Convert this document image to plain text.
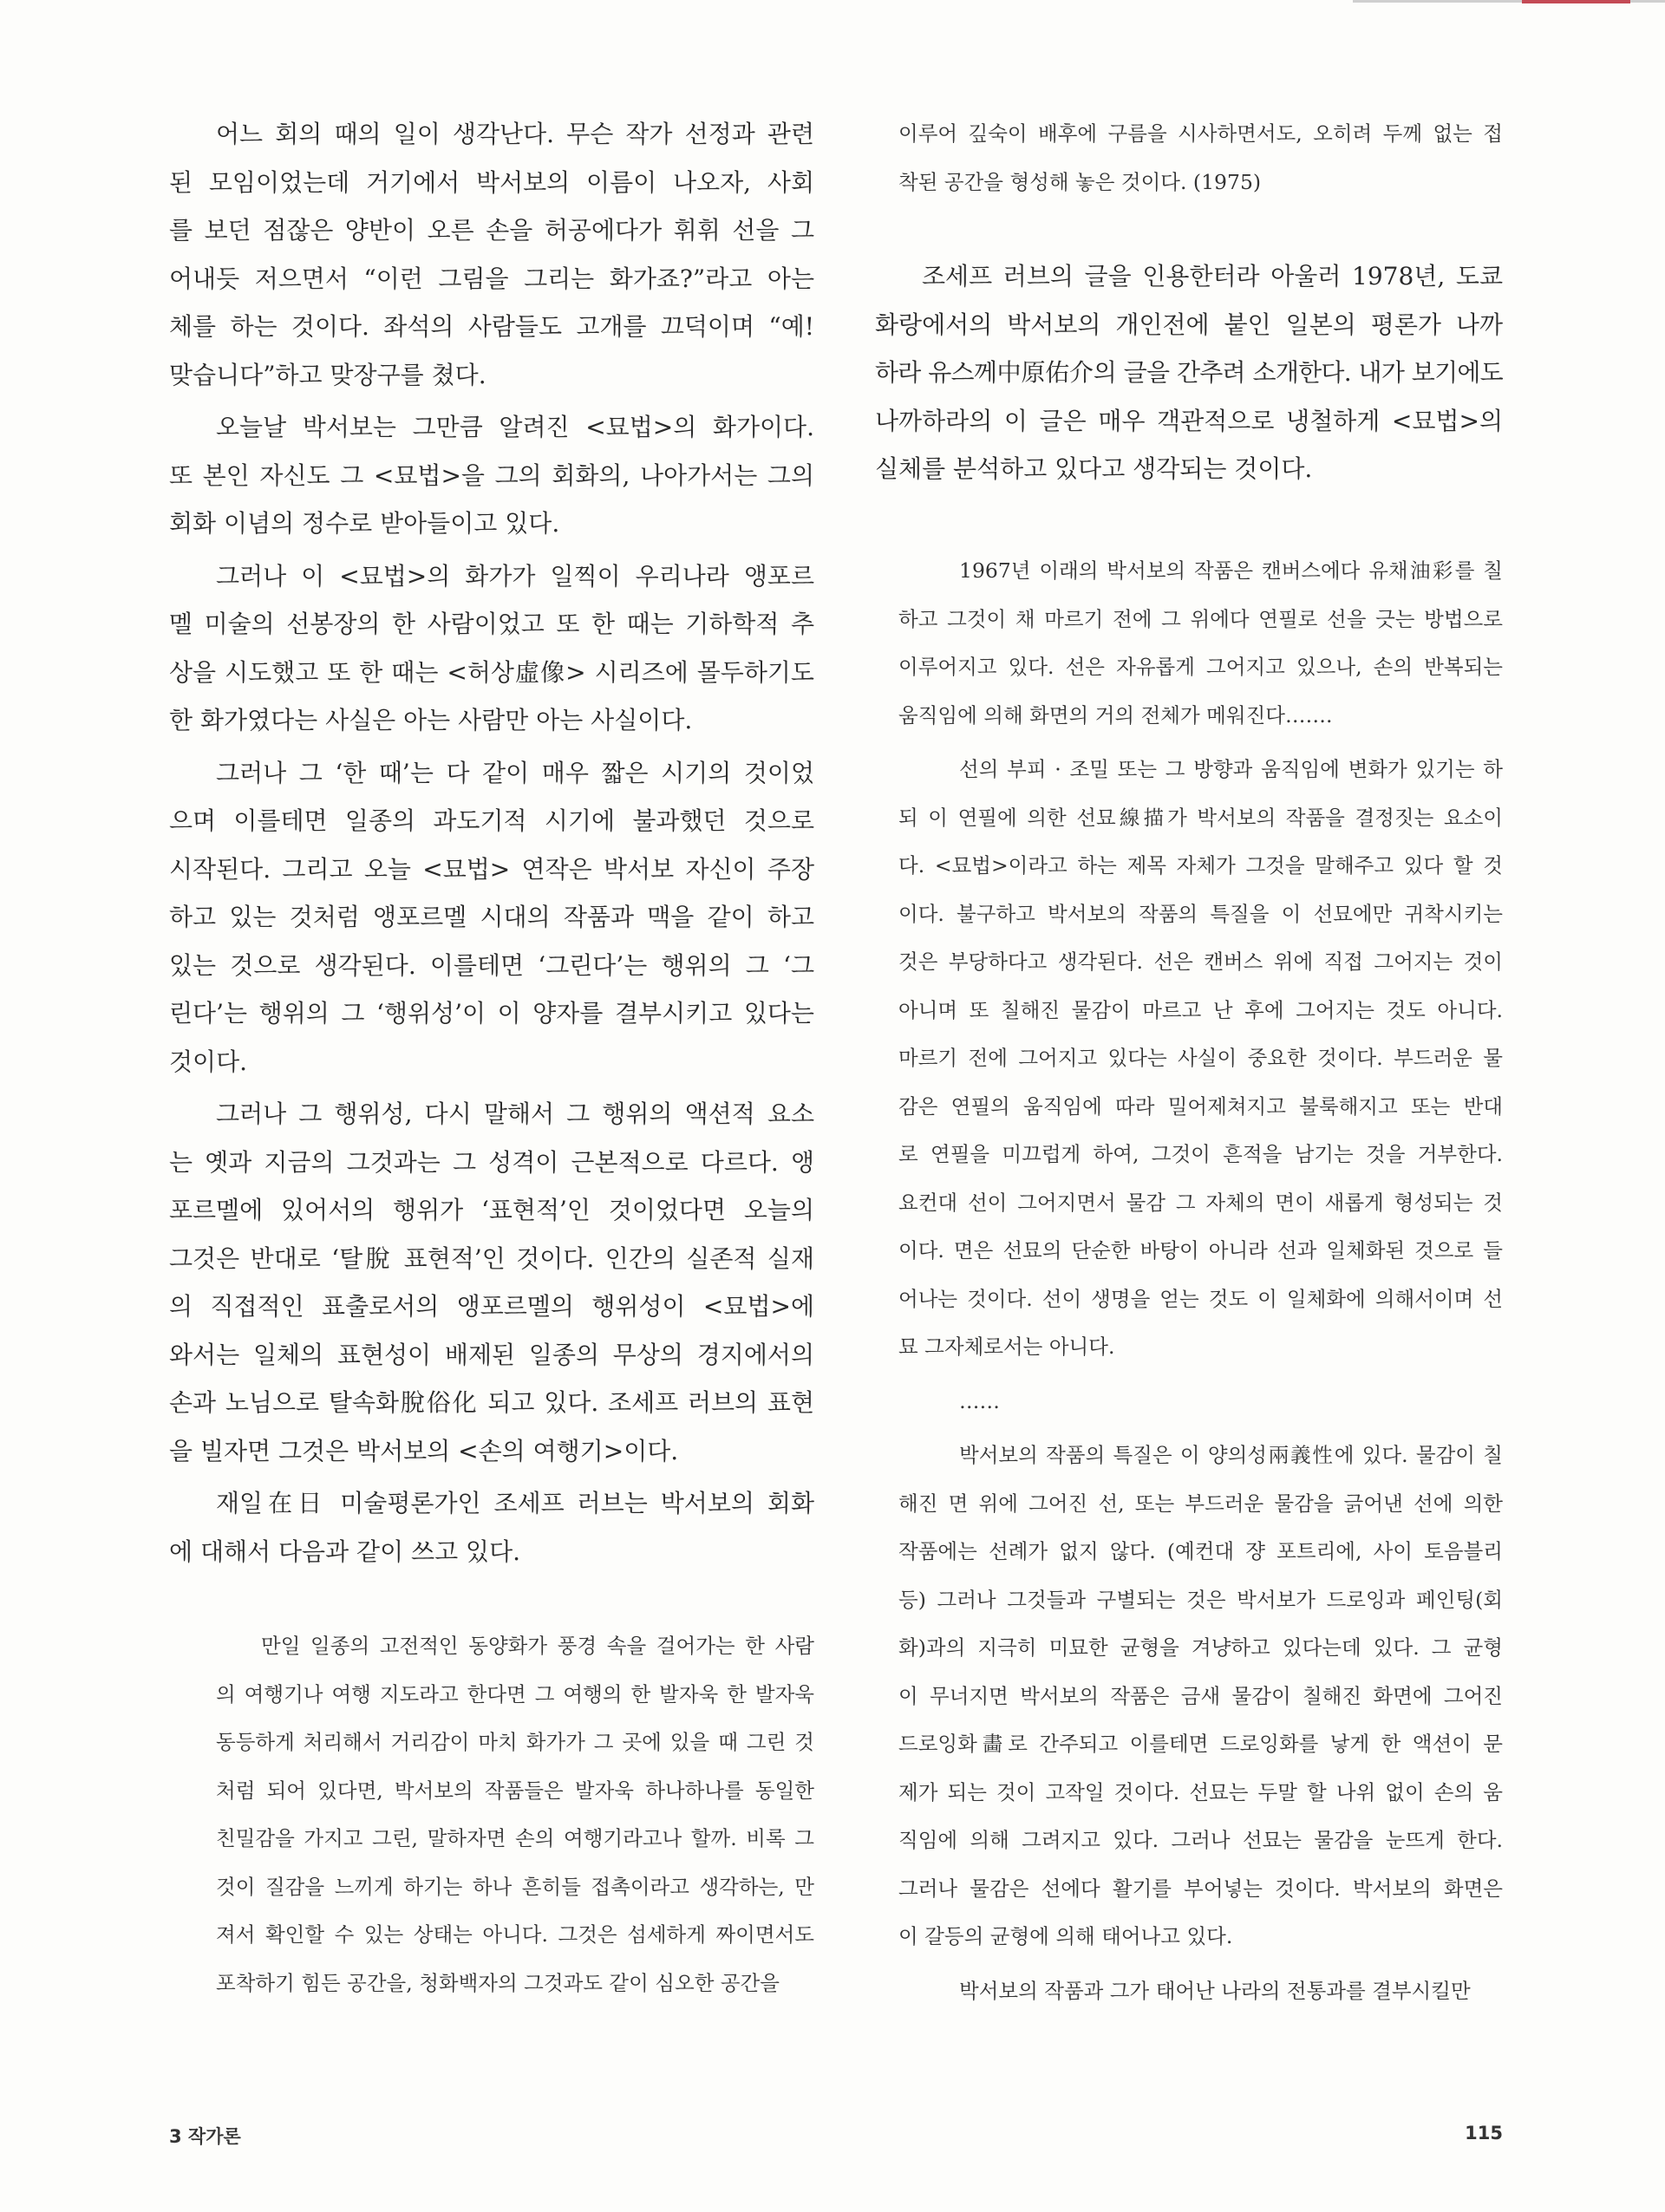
어느 회의 때의 일이 생각난다. 무슨 작가 선정과 관련
된 모임이었는데 거기에서 박서보의 이름이 나오자, 사회
를 보던 점잖은 양반이 오른 손을 허공에다가 휘휘 선을 그
어내듯 저으면서 “이런 그림을 그리는 화가죠?”라고 아는
체를 하는 것이다. 좌석의 사람들도 고개를 끄덕이며 “예!
맞습니다”하고 맞장구를 쳤다.
오늘날 박서보는 그만큼 알려진 <묘법>의 화가이다.
또 본인 자신도 그 <묘법>을 그의 회화의, 나아가서는 그의
회화 이념의 정수로 받아들이고 있다.
그러나 이 <묘법>의 화가가 일찍이 우리나라 앵포르
멜 미술의 선봉장의 한 사람이었고 또 한 때는 기하학적 추
상을 시도했고 또 한 때는 <허상虛像> 시리즈에 몰두하기도
한 화가였다는 사실은 아는 사람만 아는 사실이다.
그러나 그 ‘한 때’는 다 같이 매우 짧은 시기의 것이었
으며 이를테면 일종의 과도기적 시기에 불과했던 것으로
시작된다. 그리고 오늘 <묘법> 연작은 박서보 자신이 주장
하고 있는 것처럼 앵포르멜 시대의 작품과 맥을 같이 하고
있는 것으로 생각된다. 이를테면 ‘그린다’는 행위의 그 ‘그
린다’는 행위의 그 ‘행위성’이 이 양자를 결부시키고 있다는
것이다.
그러나 그 행위성, 다시 말해서 그 행위의 액션적 요소
는 옛과 지금의 그것과는 그 성격이 근본적으로 다르다. 앵
포르멜에 있어서의 행위가 ‘표현적’인 것이었다면 오늘의
그것은 반대로 ‘탈脫 표현적’인 것이다. 인간의 실존적 실재
의 직접적인 표출로서의 앵포르멜의 행위성이 <묘법>에
와서는 일체의 표현성이 배제된 일종의 무상의 경지에서의
손과 노님으로 탈속화脫俗化 되고 있다. 조세프 러브의 표현
을 빌자면 그것은 박서보의 <손의 여행기>이다.
재일在日 미술평론가인 조세프 러브는 박서보의 회화
에 대해서 다음과 같이 쓰고 있다.
만일 일종의 고전적인 동양화가 풍경 속을 걸어가는 한 사람
의 여행기나 여행 지도라고 한다면 그 여행의 한 발자욱 한 발자욱
동등하게 처리해서 거리감이 마치 화가가 그 곳에 있을 때 그린 것
처럼 되어 있다면, 박서보의 작품들은 발자욱 하나하나를 동일한
친밀감을 가지고 그린, 말하자면 손의 여행기라고나 할까. 비록 그
것이 질감을 느끼게 하기는 하나 흔히들 접촉이라고 생각하는, 만
져서 확인할 수 있는 상태는 아니다. 그것은 섬세하게 짜이면서도
포착하기 힘든 공간을, 청화백자의 그것과도 같이 심오한 공간을
이루어 깊숙이 배후에 구름을 시사하면서도, 오히려 두께 없는 접
착된 공간을 형성해 놓은 것이다. (1975)
조세프 러브의 글을 인용한터라 아울러 1978년, 도쿄
화랑에서의 박서보의 개인전에 붙인 일본의 평론가 나까
하라 유스께中原佑介의 글을 간추려 소개한다. 내가 보기에도
나까하라의 이 글은 매우 객관적으로 냉철하게 <묘법>의
실체를 분석하고 있다고 생각되는 것이다.
1967년 이래의 박서보의 작품은 캔버스에다 유채油彩를 칠
하고 그것이 채 마르기 전에 그 위에다 연필로 선을 긋는 방법으로
이루어지고 있다. 선은 자유롭게 그어지고 있으나, 손의 반복되는
움직임에 의해 화면의 거의 전체가 메워진다…….
선의 부피 · 조밀 또는 그 방향과 움직임에 변화가 있기는 하
되 이 연필에 의한 선묘線描가 박서보의 작품을 결정짓는 요소이
다. <묘법>이라고 하는 제목 자체가 그것을 말해주고 있다 할 것
이다. 불구하고 박서보의 작품의 특질을 이 선묘에만 귀착시키는
것은 부당하다고 생각된다. 선은 캔버스 위에 직접 그어지는 것이
아니며 또 칠해진 물감이 마르고 난 후에 그어지는 것도 아니다.
마르기 전에 그어지고 있다는 사실이 중요한 것이다. 부드러운 물
감은 연필의 움직임에 따라 밀어제쳐지고 불룩해지고 또는 반대
로 연필을 미끄럽게 하여, 그것이 흔적을 남기는 것을 거부한다.
요컨대 선이 그어지면서 물감 그 자체의 면이 새롭게 형성되는 것
이다. 면은 선묘의 단순한 바탕이 아니라 선과 일체화된 것으로 들
어나는 것이다. 선이 생명을 얻는 것도 이 일체화에 의해서이며 선
묘 그자체로서는 아니다.
……
박서보의 작품의 특질은 이 양의성兩義性에 있다. 물감이 칠
해진 면 위에 그어진 선, 또는 부드러운 물감을 긁어낸 선에 의한
작품에는 선례가 없지 않다. (예컨대 쟝 포트리에, 사이 토음블리
등) 그러나 그것들과 구별되는 것은 박서보가 드로잉과 페인팅(회
화)과의 지극히 미묘한 균형을 겨냥하고 있다는데 있다. 그 균형
이 무너지면 박서보의 작품은 금새 물감이 칠해진 화면에 그어진
드로잉화畵로 간주되고 이를테면 드로잉화를 낳게 한 액션이 문
제가 되는 것이 고작일 것이다. 선묘는 두말 할 나위 없이 손의 움
직임에 의해 그려지고 있다. 그러나 선묘는 물감을 눈뜨게 한다.
그러나 물감은 선에다 활기를 부어넣는 것이다. 박서보의 화면은
이 갈등의 균형에 의해 태어나고 있다.
박서보의 작품과 그가 태어난 나라의 전통과를 결부시킬만
3 작가론	115
